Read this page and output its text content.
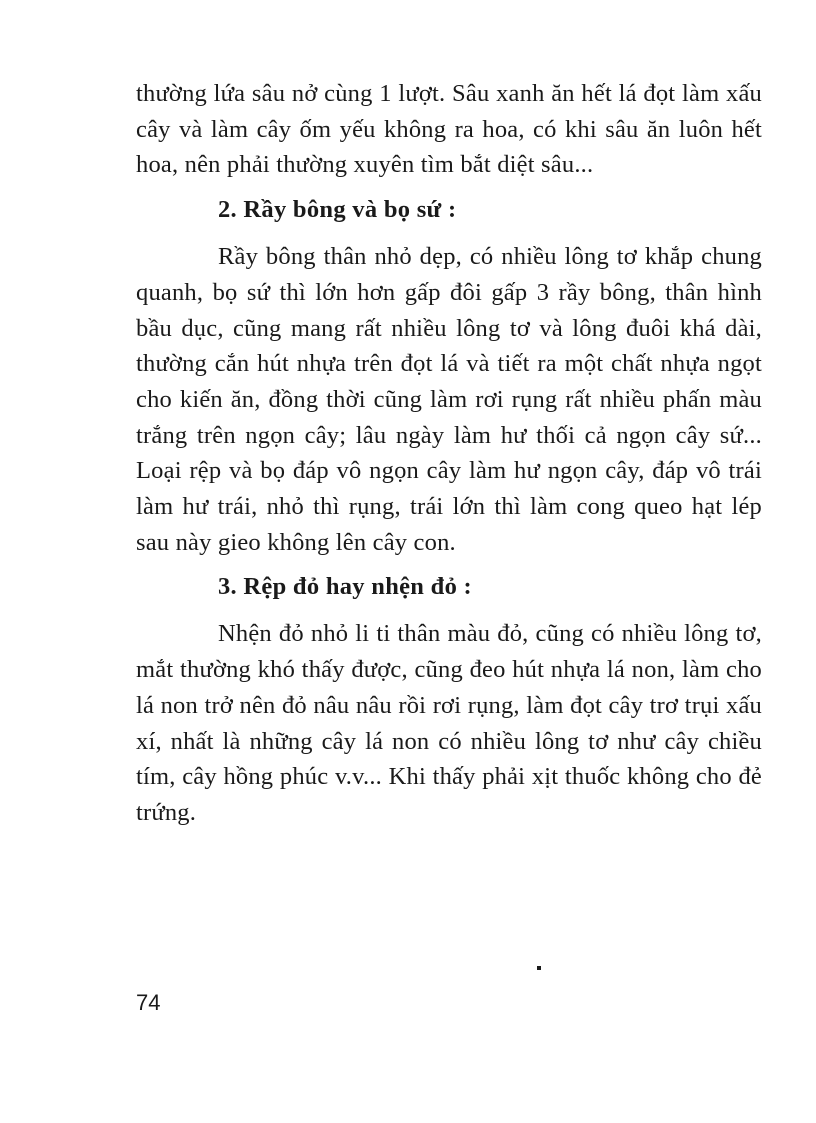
thường lứa sâu nở cùng 1 lượt. Sâu xanh ăn hết lá đọt làm xấu cây và làm cây ốm yếu không ra hoa, có khi sâu ăn luôn hết hoa, nên phải thường xuyên tìm bắt diệt sâu...

2. Rầy bông và bọ sứ :

Rầy bông thân nhỏ dẹp, có nhiều lông tơ khắp chung quanh, bọ sứ thì lớn hơn gấp đôi gấp 3 rầy bông, thân hình bầu dục, cũng mang rất nhiều lông tơ và lông đuôi khá dài, thường cắn hút nhựa trên đọt lá và tiết ra một chất nhựa ngọt cho kiến ăn, đồng thời cũng làm rơi rụng rất nhiều phấn màu trắng trên ngọn cây; lâu ngày làm hư thối cả ngọn cây sứ... Loại rệp và bọ đáp vô ngọn cây làm hư ngọn cây, đáp vô trái làm hư trái, nhỏ thì rụng, trái lớn thì làm cong queo hạt lép sau này gieo không lên cây con.

3. Rệp đỏ hay nhện đỏ :

Nhện đỏ nhỏ li ti thân màu đỏ, cũng có nhiều lông tơ, mắt thường khó thấy được, cũng đeo hút nhựa lá non, làm cho lá non trở nên đỏ nâu nâu rồi rơi rụng, làm đọt cây trơ trụi xấu xí, nhất là những cây lá non có nhiều lông tơ như cây chiều tím, cây hồng phúc v.v... Khi thấy phải xịt thuốc không cho đẻ trứng.

74
